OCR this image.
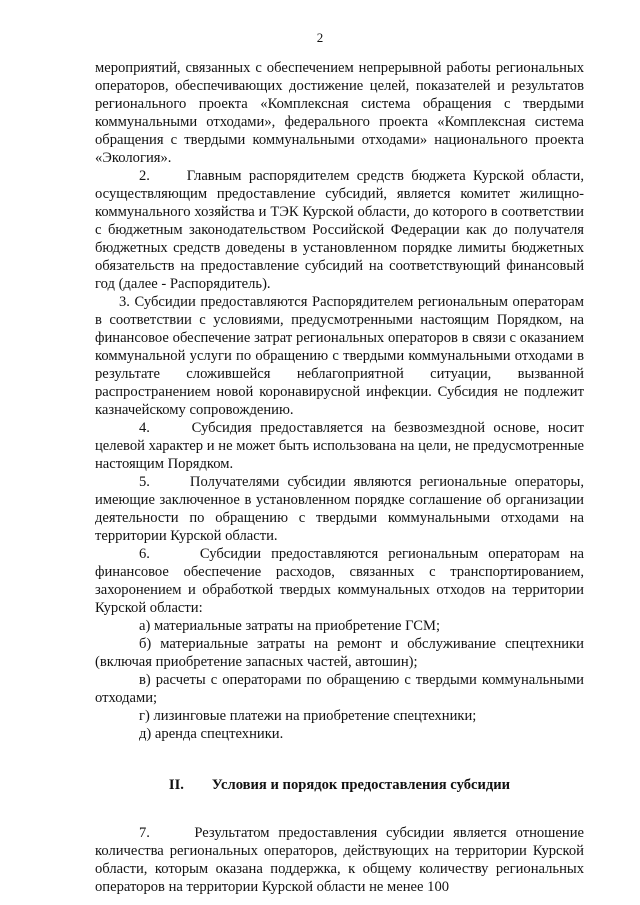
2

мероприятий, связанных с обеспечением непрерывной работы региональных операторов, обеспечивающих достижение целей, показателей и результатов регионального проекта «Комплексная система обращения с твердыми коммунальными отходами», федерального проекта «Комплексная система обращения с твердыми коммунальными отходами» национального проекта «Экология».

2.     Главным распорядителем средств бюджета Курской области, осуществляющим предоставление субсидий, является комитет жилищно-коммунального хозяйства и ТЭК Курской области, до которого в соответствии с бюджетным законодательством Российской Федерации как до получателя бюджетных средств доведены в установленном порядке лимиты бюджетных обязательств на предоставление субсидий на соответствующий финансовый год (далее - Распорядитель).

3. Субсидии предоставляются Распорядителем региональным операторам в соответствии с условиями, предусмотренными настоящим Порядком, на финансовое обеспечение затрат региональных операторов в связи с оказанием коммунальной услуги по обращению с твердыми коммунальными отходами в результате сложившейся неблагоприятной ситуации, вызванной распространением новой коронавирусной инфекции. Субсидия не подлежит казначейскому сопровождению.

4.     Субсидия предоставляется на безвозмездной основе, носит целевой характер и не может быть использована на цели, не предусмотренные настоящим Порядком.

5.     Получателями субсидии являются региональные операторы, имеющие заключенное в установленном порядке соглашение об организации деятельности по обращению с твердыми коммунальными отходами на территории Курской области.

6.     Субсидии предоставляются региональным операторам на финансовое обеспечение расходов, связанных с транспортированием, захоронением и обработкой твердых коммунальных отходов на территории Курской области:

а) материальные затраты на приобретение ГСМ;

б) материальные затраты на ремонт и обслуживание спецтехники (включая приобретение запасных частей, автошин);

в) расчеты с операторами по обращению с твердыми коммунальными отходами;

г) лизинговые платежи на приобретение спецтехники;

д) аренда спецтехники.

II. Условия и порядок предоставления субсидии

7.     Результатом предоставления субсидии является отношение количества региональных операторов, действующих на территории Курской области, которым оказана поддержка, к общему количеству региональных операторов на территории Курской области не менее 100
